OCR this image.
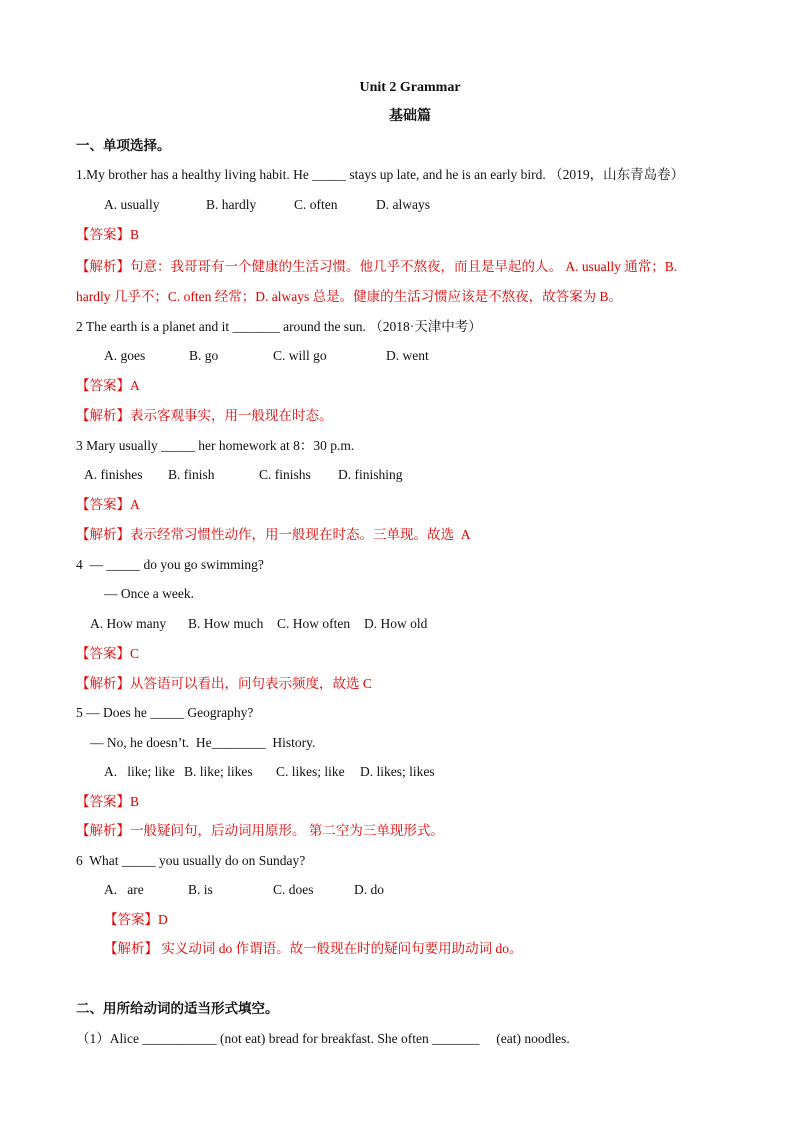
Unit 2 Grammar
基础篇
一、单项选择。
1.My brother has a healthy living habit. He _____ stays up late, and he is an early bird. （2019，山东青岛卷）
A. usually	B. hardly	C. often	D. always
【答案】B
【解析】句意：我哥哥有一个健康的生活习惯。他几乎不熬夜，而且是早起的人。 A. usually 通常；B.
hardly 几乎不；C. often 经常；D. always 总是。健康的生活习惯应该是不熬夜，故答案为 B。
2 The earth is a planet and it _______ around the sun. （2018·天津中考）
A. goes	B. go	C. will go	D. went
【答案】A
【解析】表示客观事实，用一般现在时态。
3 Mary usually _____ her homework at 8：30 p.m.
A. finishes B. finish	C. finishs D. finishing
【答案】A
【解析】表示经常习惯性动作，用一般现在时态。三单现。故选  A
4  — _____ do you go swimming?
— Once a week.
A. How many B. How much C. How often D. How old
【答案】C
【解析】从答语可以看出，问句表示频度，故选 C
5 — Does he _____ Geography?
— No, he doesn’t.  He________  History.
A.   like; like B. like; likes C. likes; like D. likes; likes
【答案】B
【解析】一般疑问句，后动词用原形。 第二空为三单现形式。
6  What _____ you usually do on Sunday?
A.   are	B. is	C. does	D. do
【答案】D
【解析】 实义动词 do 作谓语。故一般现在时的疑问句要用助动词 do。
二、用所给动词的适当形式填空。
（1）Alice ___________ (not eat) bread for breakfast. She often _______     (eat) noodles.
